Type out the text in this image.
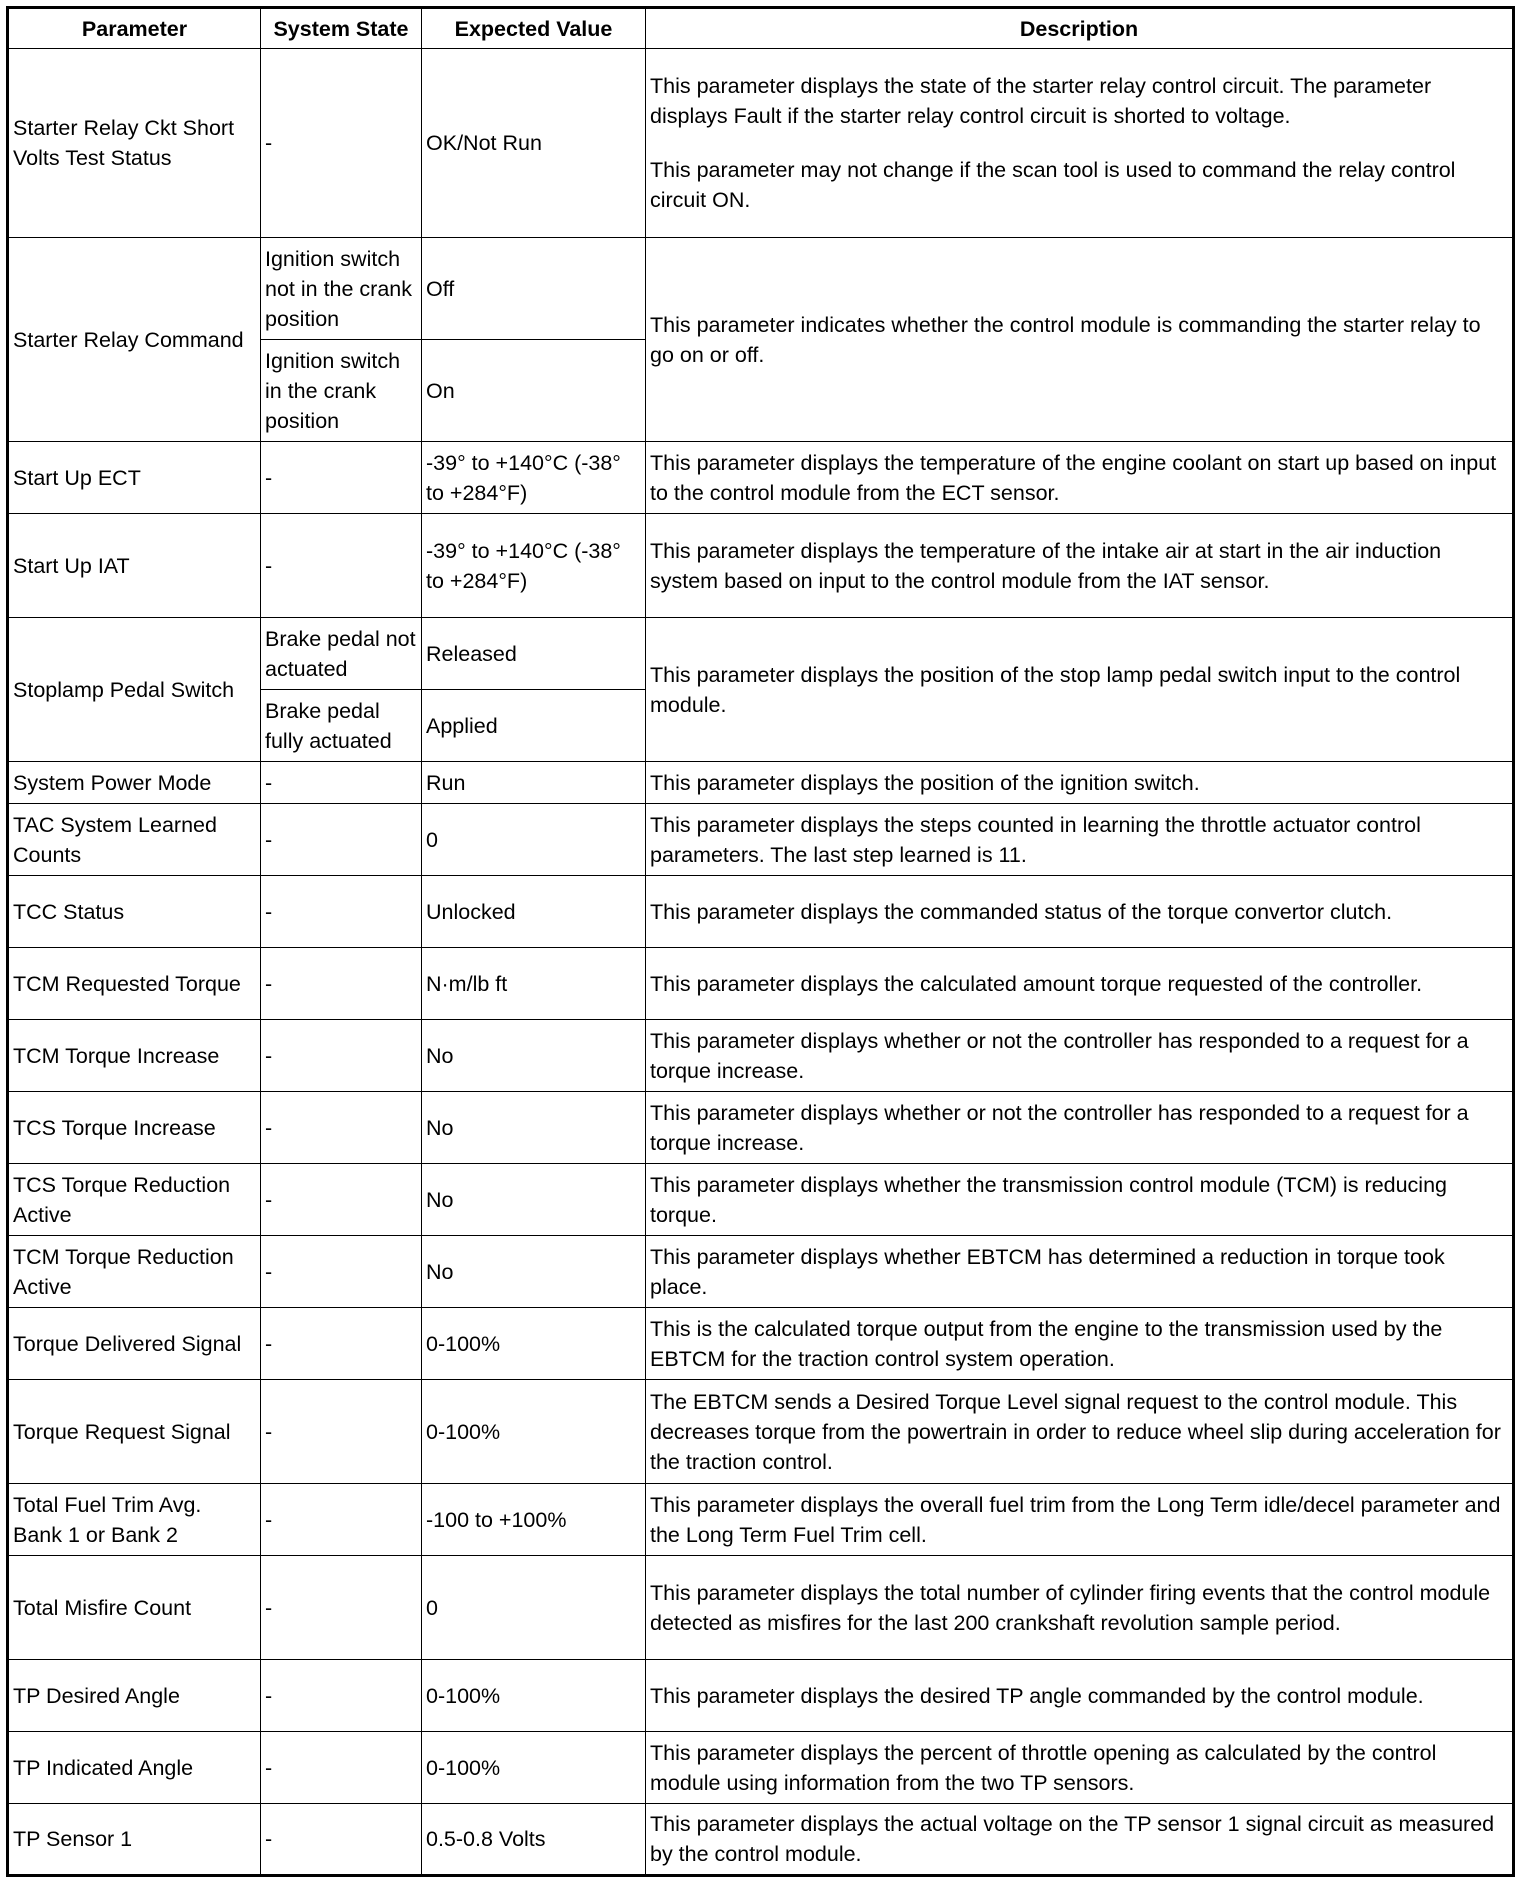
Parameter	System State	Expected Value	Description
Starter Relay Ckt Short Volts Test Status	-	OK/Not Run	This parameter displays the state of the starter relay control circuit. The parameter displays Fault if the starter relay control circuit is shorted to voltage.

This parameter may not change if the scan tool is used to command the relay control circuit ON.

Starter Relay Command	Ignition switch not in the crank position	Off	This parameter indicates whether the control module is commanding the starter relay to go on or off.

	Ignition switch in the crank position	On	
Start Up ECT	-	-39° to +140°C (-38° to +284°F)	This parameter displays the temperature of the engine coolant on start up based on input to the control module from the ECT sensor.

Start Up IAT	-	-39° to +140°C (-38° to +284°F)	This parameter displays the temperature of the intake air at start in the air induction system based on input to the control module from the IAT sensor.

Stoplamp Pedal Switch	Brake pedal not actuated	Released	This parameter displays the position of the stop lamp pedal switch input to the control module.

	Brake pedal fully actuated	Applied	
System Power Mode	-	Run	This parameter displays the position of the ignition switch.

TAC System Learned Counts	-	0	This parameter displays the steps counted in learning the throttle actuator control parameters. The last step learned is 11.

TCC Status	-	Unlocked	This parameter displays the commanded status of the torque convertor clutch.

TCM Requested Torque	-	N·m/lb ft	This parameter displays the calculated amount torque requested of the controller.

TCM Torque Increase	-	No	This parameter displays whether or not the controller has responded to a request for a torque increase.

TCS Torque Increase	-	No	This parameter displays whether or not the controller has responded to a request for a torque increase.

TCS Torque Reduction Active	-	No	This parameter displays whether the transmission control module (TCM) is reducing torque.

TCM Torque Reduction Active	-	No	This parameter displays whether EBTCM has determined a reduction in torque took place.

Torque Delivered Signal	-	0-100%	This is the calculated torque output from the engine to the transmission used by the EBTCM for the traction control system operation.

Torque Request Signal	-	0-100%	The EBTCM sends a Desired Torque Level signal request to the control module. This decreases torque from the powertrain in order to reduce wheel slip during acceleration for the traction control.

Total Fuel Trim Avg. Bank 1 or Bank 2	-	-100 to +100%	This parameter displays the overall fuel trim from the Long Term idle/decel parameter and the Long Term Fuel Trim cell.

Total Misfire Count	-	0	This parameter displays the total number of cylinder firing events that the control module detected as misfires for the last 200 crankshaft revolution sample period.

TP Desired Angle	-	0-100%	This parameter displays the desired TP angle commanded by the control module.

TP Indicated Angle	-	0-100%	This parameter displays the percent of throttle opening as calculated by the control module using information from the two TP sensors.

TP Sensor 1	-	0.5-0.8 Volts	This parameter displays the actual voltage on the TP sensor 1 signal circuit as measured by the control module.
